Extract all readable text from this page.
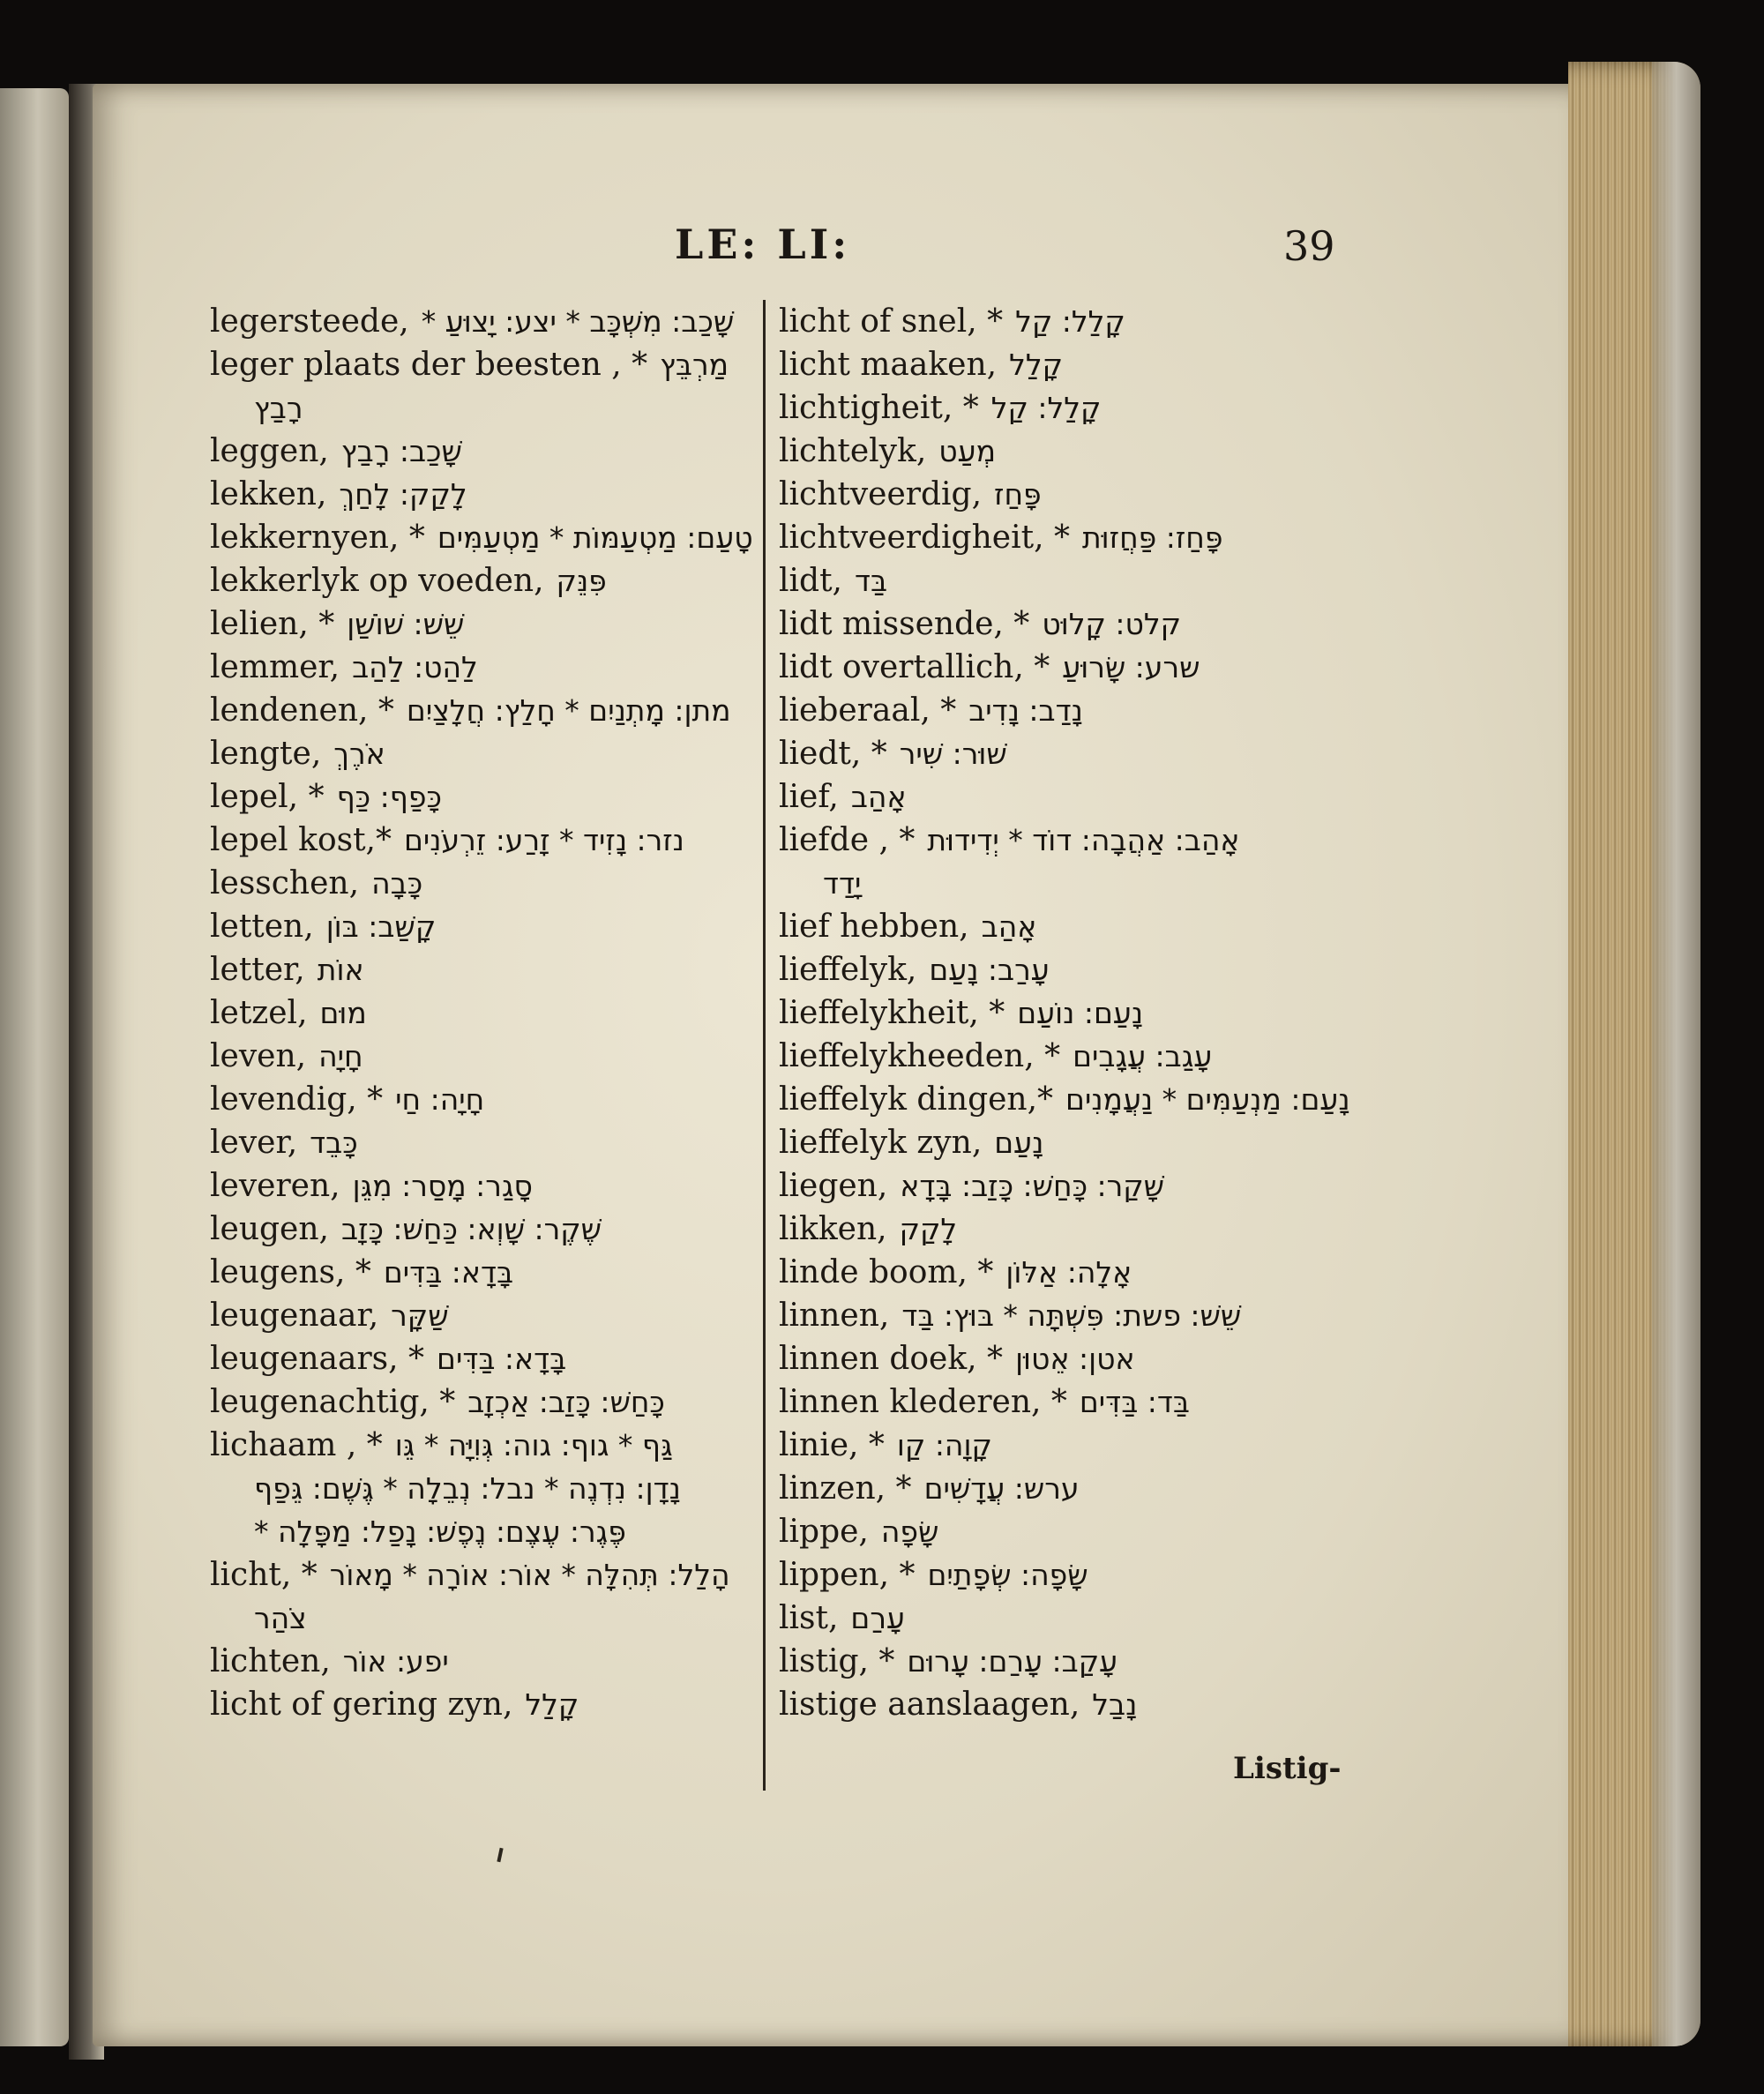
LE: LI:	39
legersteede, שָׁכַב: מִשְׁכָּב * יצע: יָצוּעַ *
leger plaats der beesten , * מַרְבֵּץ
רָבַץ
leggen, שָׁכַב: רָבַץ
lekken, לָקַק: לָחַךְ
lekkernyen, * טָעַם: מַטְעַמּוֹת * מַטְעַמִּים
lekkerlyk op voeden, פִּנֵּק
lelien, * שֵׁשׁ: שׁוֹשַׁן
lemmer, לַהַט: לַהַב
lendenen, * מתן: מָתְנַיִם * חָלַץ: חֲלָצַיִם
lengte, אֹרֶךְ
lepel, * כָּפַף: כַּף
lepel kost,* נזר: נָזִיד * זָרַע: זֵרְעֹנִים
lesschen, כָּבָה
letten, קָשַׁב: בּוֹן
letter, אוֹת
letzel, מוּם
leven, חָיָה
levendig, * חָיָה: חַי
lever, כָּבֵד
leveren, סָגַר: מָסַר: מִגֵּן
leugen, שֶׁקֶר: שָׁוְא: כַּחַשׁ: כָּזָב
leugens, * בָּדָא: בַּדִּים
leugenaar, שַׁקָּר
leugenaars, * בָּדָא: בַּדִּים
leugenachtig, * כָּחַשׁ: כָּזַב: אַכְזָב
lichaam , * גַּף * גוף: גוה: גְּוִיָּה * גֵּו
נָדָן: נִדְנֶה * נבל: נְבֵלָה * גֶּשֶׁם: גֵּפַף
פֶּגֶר: עֶצֶם: נֶפֶשׁ: נָפַל: מַפָּלָה *
licht, * הָלַל: תְּהִלָּה * אוֹר: אוֹרָה * מָאוֹר
צֹהַר
lichten, יפע: אוֹר
licht of gering zyn, קָלַל
licht of snel, * קָלַל: קַל
licht maaken, קָלַל
lichtigheit, * קָלַל: קַל
lichtelyk, מְעַט
lichtveerdig, פָּחַז
lichtveerdigheit, * פָּחַז: פַּחֲזוּת
lidt, בַּד
lidt missende, * קלט: קָלוּט
lidt overtallich, * שרע: שָׂרוּעַ
lieberaal, * נָדַב: נָדִיב
liedt, * שׁוּר: שִׁיר
lief, אָהַב
liefde , * אָהַב: אַהֲבָה: דוֹד * יְדִידוּת
יָדַד
lief hebben, אָהַב
lieffelyk, עָרַב: נָעַם
lieffelykheit, * נָעַם: נוֹעַם
lieffelykheeden, * עָגַב: עֲגָבִים
lieffelyk dingen,* נָעַם: מַנְעַמִּים * נַעֲמָנִים
lieffelyk zyn, נָעַם
liegen, שָׁקַר: כָּחַשׁ: כָּזַב: בָּדָא
likken, לָקַק
linde boom, * אָלָה: אַלּוֹן
linnen, שֵׁשׁ: פשת: פִּשְׁתָּה * בּוּץ: בַּד
linnen doek, * אטן: אֵטוּן
linnen klederen, * בַּד: בַּדִּים
linie, * קָוָה: קַו
linzen, * ערש: עֲדָשִׁים
lippe, שָׂפָה
lippen, * שָׂפָה: שְׂפָתַיִם
list, עָרַם
listig, * עָקַב: עָרַם: עָרוּם
listige aanslaagen, נָבַל
Listig-
